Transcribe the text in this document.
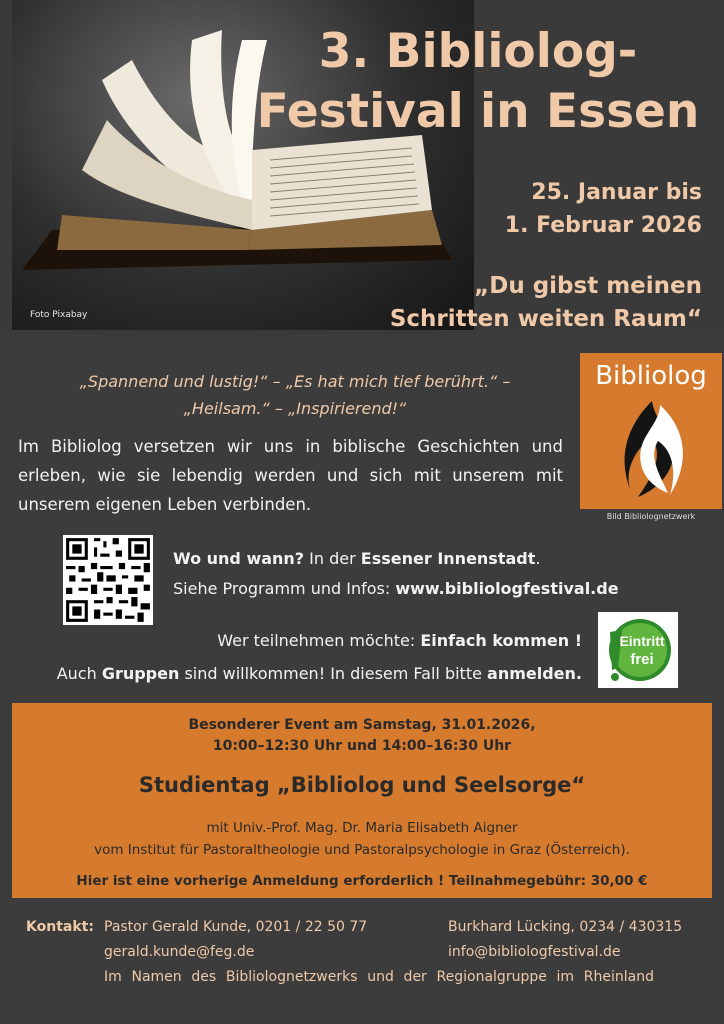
Foto Pixabay
3. Bibliolog-
Festival in Essen
25. Januar bis
1. Februar 2026
„Du gibst meinen
Schritten weiten Raum“
„Spannend und lustig!“ – „Es hat mich tief berührt.“ –
„Heilsam.“ – „Inspirierend!“
Im Bibliolog versetzen wir uns in biblische Geschichten und erleben, wie sie lebendig werden und sich mit unserem mit unserem eigenen Leben verbinden.
Bibliolog
Bild Bibliolognetzwerk
Wo und wann? In der Essener Innenstadt.
Siehe Programm und Infos: www.bibliologfestival.de
Wer teilnehmen möchte: Einfach kommen !
Auch Gruppen sind willkommen! In diesem Fall bitte anmelden.
Eintritt
frei
Besonderer Event am Samstag, 31.01.2026,
10:00–12:30 Uhr und 14:00–16:30 Uhr
Studientag „Bibliolog und Seelsorge“
mit Univ.-Prof. Mag. Dr. Maria Elisabeth Aigner
vom Institut für Pastoraltheologie und Pastoralpsychologie in Graz (Österreich).
Hier ist eine vorherige Anmeldung erforderlich ! Teilnahmegebühr: 30,00 €
Kontakt: Pastor Gerald Kunde, 0201 / 22 50 77
gerald.kunde@feg.de
Burkhard Lücking, 0234 / 430315
info@bibliologfestival.de
Im Namen des Bibliolognetzwerks und der Regionalgruppe im Rheinland
